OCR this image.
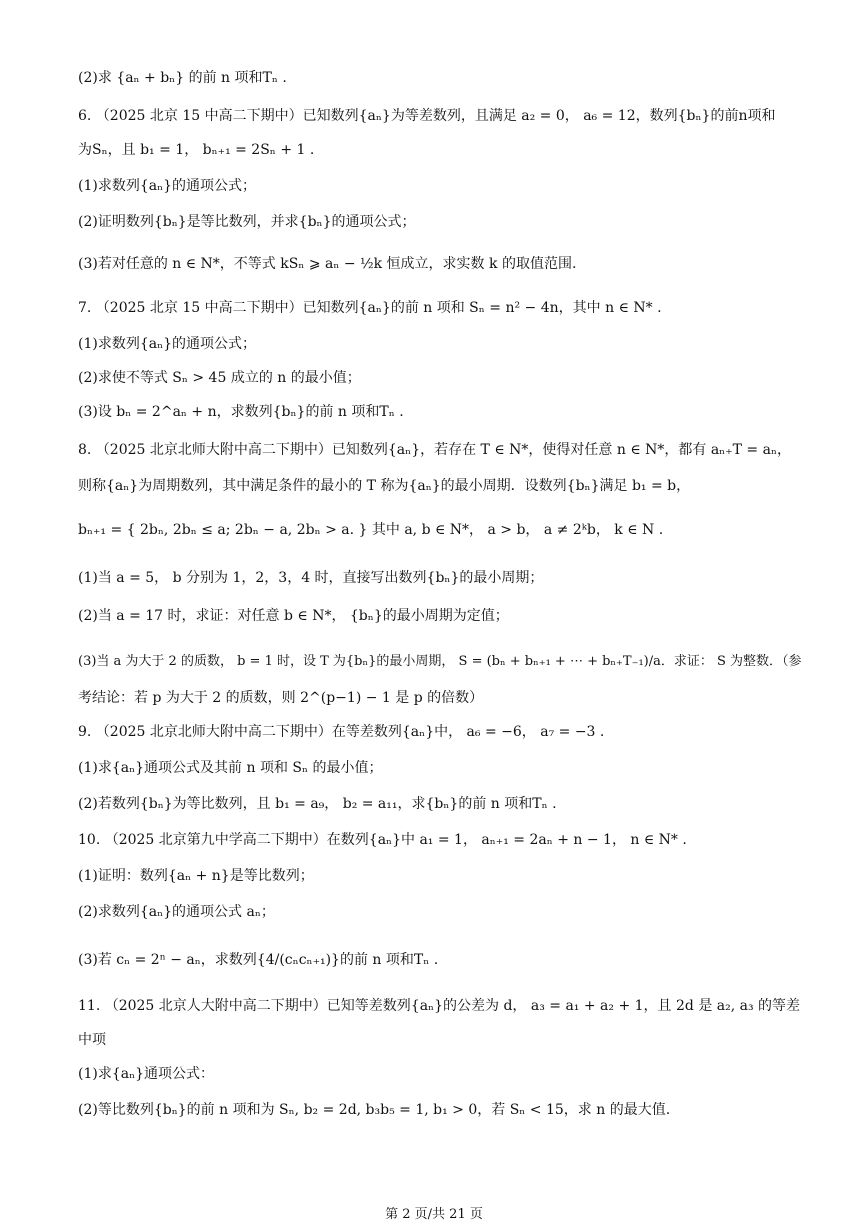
(2)求 {aₙ + bₙ} 的前 n 项和Tₙ .
6. （2025 北京 15 中高二下期中）已知数列{aₙ}为等差数列，且满足 a₂ = 0， a₆ = 12，数列{bₙ}的前n项和
为Sₙ，且 b₁ = 1， bₙ₊₁ = 2Sₙ + 1 .
(1)求数列{aₙ}的通项公式；
(2)证明数列{bₙ}是等比数列，并求{bₙ}的通项公式；
(3)若对任意的 n ∈ N*，不等式 kSₙ ⩾ aₙ − ½k 恒成立，求实数 k 的取值范围.
7. （2025 北京 15 中高二下期中）已知数列{aₙ}的前 n 项和 Sₙ = n² − 4n，其中 n ∈ N* .
(1)求数列{aₙ}的通项公式；
(2)求使不等式 Sₙ > 45 成立的 n 的最小值；
(3)设 bₙ = 2^aₙ + n，求数列{bₙ}的前 n 项和Tₙ .
8. （2025 北京北师大附中高二下期中）已知数列{aₙ}，若存在 T ∈ N*，使得对任意 n ∈ N*，都有 aₙ₊T = aₙ，
则称{aₙ}为周期数列，其中满足条件的最小的 T 称为{aₙ}的最小周期．设数列{bₙ}满足 b₁ = b，
bₙ₊₁ = { 2bₙ, 2bₙ ≤ a; 2bₙ − a, 2bₙ > a. } 其中 a, b ∈ N*， a > b， a ≠ 2ᵏb， k ∈ N .
(1)当 a = 5， b 分别为 1，2，3，4 时，直接写出数列{bₙ}的最小周期；
(2)当 a = 17 时，求证：对任意 b ∈ N*， {bₙ}的最小周期为定值；
(3)当 a 为大于 2 的质数， b = 1 时，设 T 为{bₙ}的最小周期， S = (bₙ + bₙ₊₁ + ⋯ + bₙ₊T₋₁)/a．求证： S 为整数．（参
考结论：若 p 为大于 2 的质数，则 2^(p−1) − 1 是 p 的倍数）
9. （2025 北京北师大附中高二下期中）在等差数列{aₙ}中， a₆ = −6， a₇ = −3 .
(1)求{aₙ}通项公式及其前 n 项和 Sₙ 的最小值；
(2)若数列{bₙ}为等比数列，且 b₁ = a₉， b₂ = a₁₁，求{bₙ}的前 n 项和Tₙ .
10. （2025 北京第九中学高二下期中）在数列{aₙ}中 a₁ = 1， aₙ₊₁ = 2aₙ + n − 1， n ∈ N* .
(1)证明：数列{aₙ + n}是等比数列；
(2)求数列{aₙ}的通项公式 aₙ；
(3)若 cₙ = 2ⁿ − aₙ，求数列{4/(cₙcₙ₊₁)}的前 n 项和Tₙ .
11. （2025 北京人大附中高二下期中）已知等差数列{aₙ}的公差为 d， a₃ = a₁ + a₂ + 1，且 2d 是 a₂, a₃ 的等差
中项
(1)求{aₙ}通项公式：
(2)等比数列{bₙ}的前 n 项和为 Sₙ, b₂ = 2d, b₃b₅ = 1, b₁ > 0，若 Sₙ < 15，求 n 的最大值.
第 2 页/共 21 页
